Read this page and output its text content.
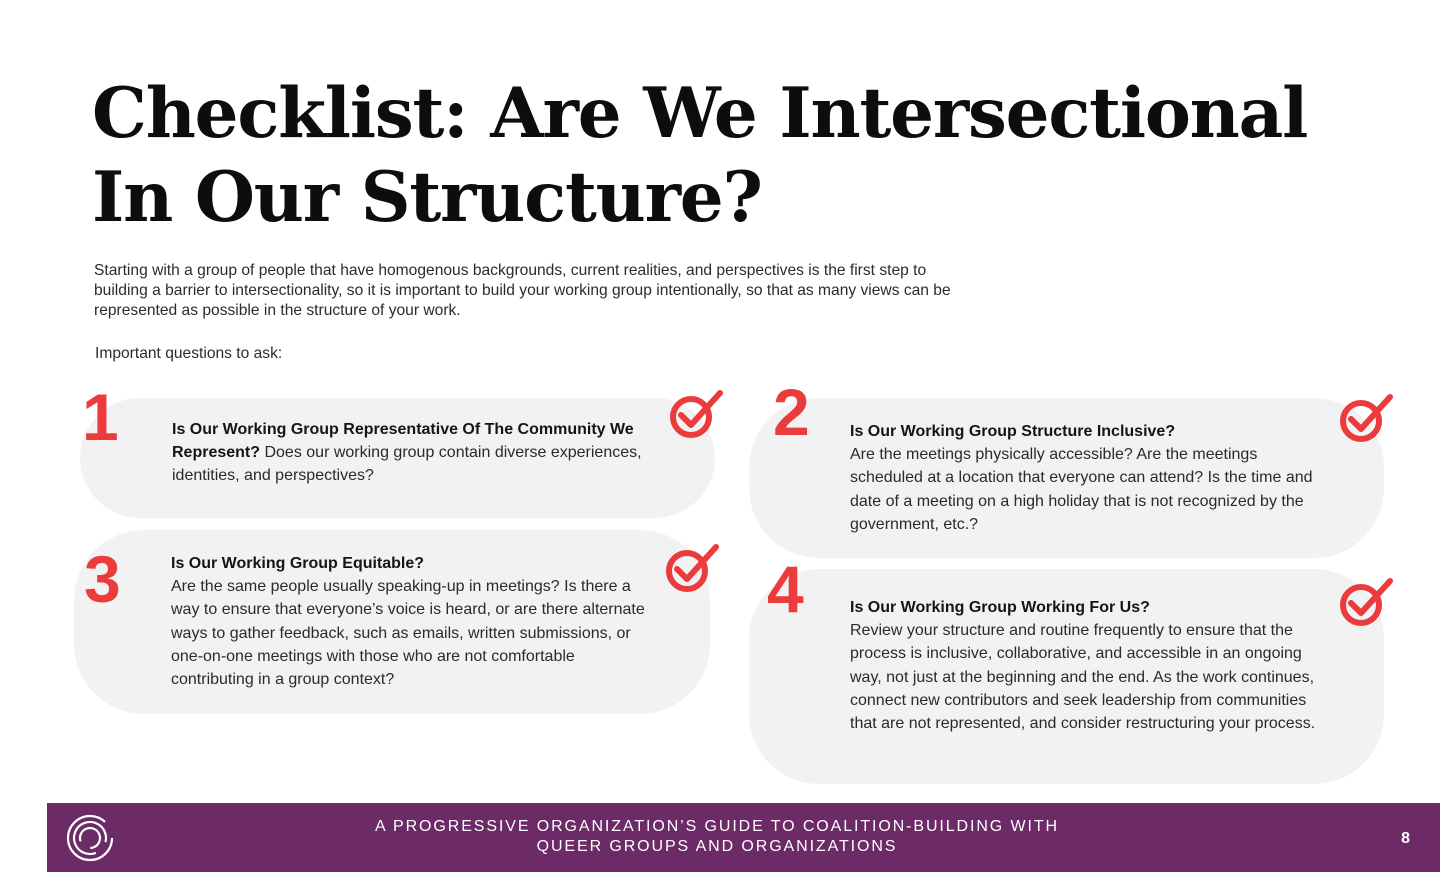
Checklist: Are We Intersectional
In Our Structure?

Starting with a group of people that have homogenous backgrounds, current realities, and perspectives is the first step to building a barrier to intersectionality, so it is important to build your working group intentionally, so that as many views can be represented as possible in the structure of your work.

Important questions to ask:

1	Is Our Working Group Representative Of The Community We Represent? Does our working group contain diverse experiences, identities, and perspectives?

2	Is Our Working Group Structure Inclusive?
Are the meetings physically accessible? Are the meetings scheduled at a location that everyone can attend? Is the time and date of a meeting on a high holiday that is not recognized by the government, etc.?
3	Is Our Working Group Equitable?
Are the same people usually speaking-up in meetings? Is there a way to ensure that everyone’s voice is heard, or are there alternate ways to gather feedback, such as emails, written submissions, or one-on-one meetings with those who are not comfortable contributing in a group context?
4	Is Our Working Group Working For Us?
Review your structure and routine frequently to ensure that the process is inclusive, collaborative, and accessible in an ongoing way, not just at the beginning and the end. As the work continues, connect new contributors and seek leadership from communities that are not represented, and consider restructuring your process.
A PROGRESSIVE ORGANIZATION’S GUIDE TO COALITION-BUILDING WITH
QUEER GROUPS AND ORGANIZATIONS	8
